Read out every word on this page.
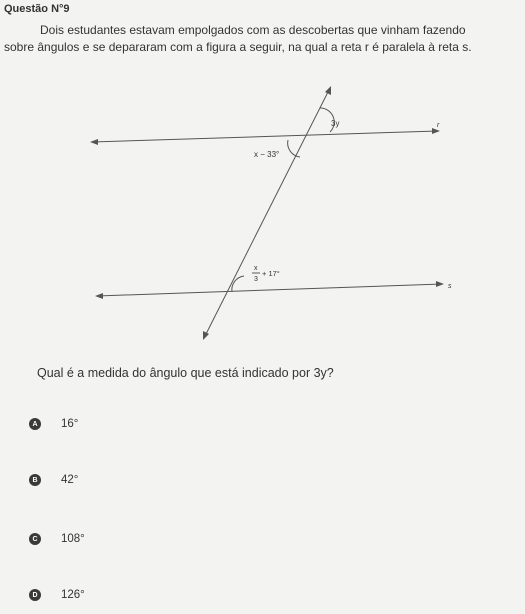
Questão N°9

Dois estudantes estavam empolgados com as descobertas que vinham fazendo

sobre ângulos e se depararam com a figura a seguir, na qual a reta r é paralela à reta s.

r
s
3y
x − 33°
x
3
+ 17°
Qual é a medida do ângulo que está indicado por 3y?
A	16°
B	42°
C	108°
D	126°
